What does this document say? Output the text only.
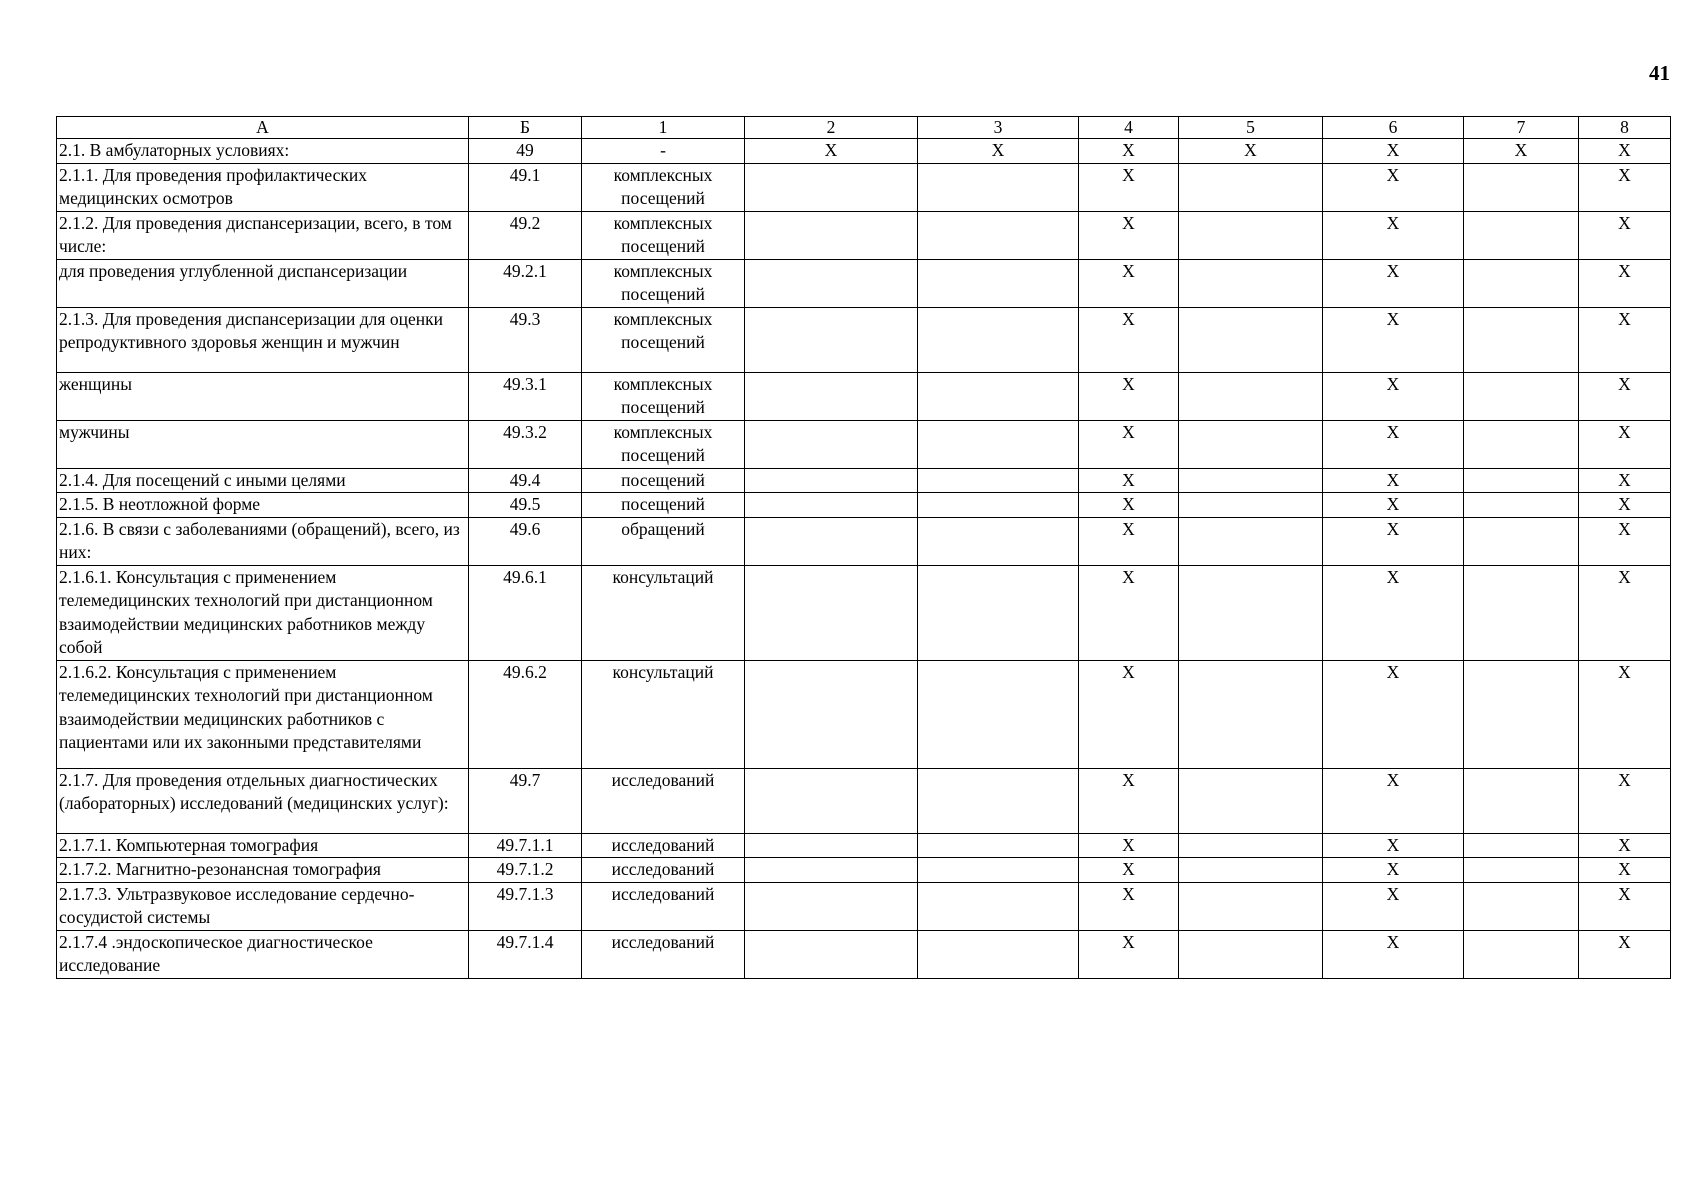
41
А	Б	1	2	3	4	5	6	7	8
2.1. В амбулаторных условиях:	49	-	Х	Х	Х	Х	Х	Х	Х
2.1.1. Для проведения профилактических медицинских осмотров	49.1	комплексных посещений			Х		Х		Х
2.1.2. Для проведения диспансеризации, всего, в том числе:	49.2	комплексных посещений			Х		Х		Х
для проведения углубленной диспансеризации	49.2.1	комплексных посещений			Х		Х		Х
2.1.3. Для проведения диспансеризации для оценки репродуктивного здоровья женщин и мужчин	49.3	комплексных посещений			Х		Х		Х
женщины	49.3.1	комплексных посещений			Х		Х		Х
мужчины	49.3.2	комплексных посещений			Х		Х		Х
2.1.4. Для посещений с иными целями	49.4	посещений			Х		Х		Х
2.1.5. В неотложной форме	49.5	посещений			Х		Х		Х
2.1.6. В связи с заболеваниями (обращений), всего, из них:	49.6	обращений			Х		Х		Х
2.1.6.1. Консультация с применением телемедицинских технологий при дистанционном взаимодействии медицинских работников между собой	49.6.1	консультаций			Х		Х		Х
2.1.6.2. Консультация с применением телемедицинских технологий при дистанционном взаимодействии медицинских работников с пациентами или их законными представителями	49.6.2	консультаций			Х		Х		Х
2.1.7. Для проведения отдельных диагностических (лабораторных) исследований (медицинских услуг):	49.7	исследований			Х		Х		Х
2.1.7.1. Компьютерная томография	49.7.1.1	исследований			Х		Х		Х
2.1.7.2. Магнитно-резонансная томография	49.7.1.2	исследований			Х		Х		Х
2.1.7.3. Ультразвуковое исследование сердечно-сосудистой системы	49.7.1.3	исследований			Х		Х		Х
2.1.7.4 .эндоскопическое диагностическое исследование	49.7.1.4	исследований			Х		Х		Х
